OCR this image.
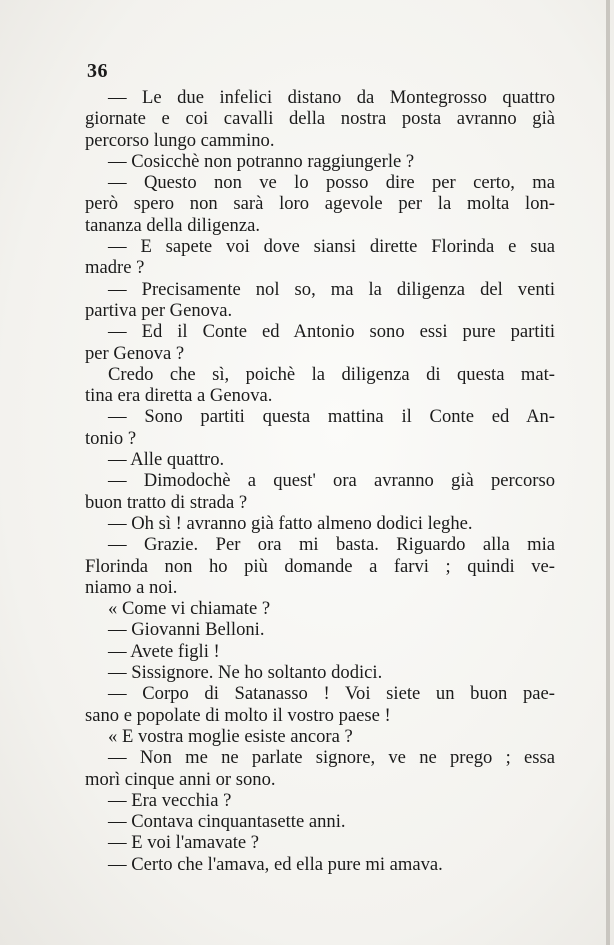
36
— Le due infelici distano da Montegrosso quattro
giornate e coi cavalli della nostra posta avranno già
percorso lungo cammino.
— Cosicchè non potranno raggiungerle ?
— Questo non ve lo posso dire per certo, ma
però spero non sarà loro agevole per la molta lon-
tananza della diligenza.
— E sapete voi dove siansi dirette Florinda e sua
madre ?
— Precisamente nol so, ma la diligenza del venti
partiva per Genova.
— Ed il Conte ed Antonio sono essi pure partiti
per Genova ?
Credo che sì, poichè la diligenza di questa mat-
tina era diretta a Genova.
— Sono partiti questa mattina il Conte ed An-
tonio ?
— Alle quattro.
— Dimodochè a quest' ora avranno già percorso
buon tratto di strada ?
— Oh sì ! avranno già fatto almeno dodici leghe.
— Grazie. Per ora mi basta. Riguardo alla mia
Florinda non ho più domande a farvi ; quindi ve-
niamo a noi.
« Come vi chiamate ?
— Giovanni Belloni.
— Avete figli !
— Sissignore. Ne ho soltanto dodici.
— Corpo di Satanasso ! Voi siete un buon pae-
sano e popolate di molto il vostro paese !
« E vostra moglie esiste ancora ?
— Non me ne parlate signore, ve ne prego ; essa
morì cinque anni or sono.
— Era vecchia ?
— Contava cinquantasette anni.
— E voi l'amavate ?
— Certo che l'amava, ed ella pure mi amava.
